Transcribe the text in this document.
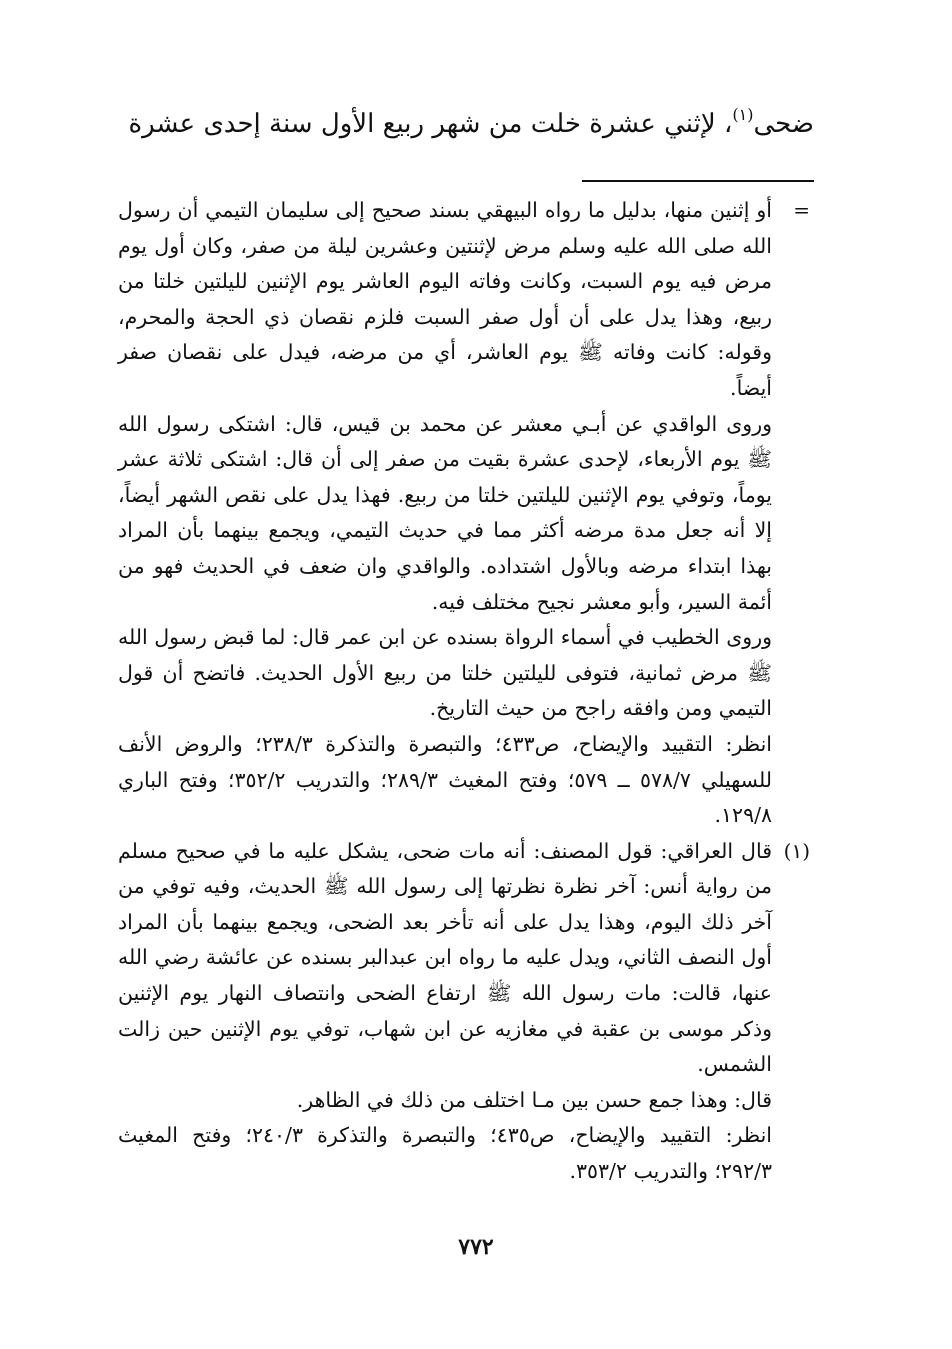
ضحى$^{(١)}$، لإثني عشرة خلت من شهر ربيع الأول سنة إحدى عشرة
=

أو إثنين منها، بدليل ما رواه البيهقي بسند صحيح إلى سليمان التيمي أن رسول الله صلى الله عليه وسلم مرض لإثنتين وعشرين ليلة من صفر، وكان أول يوم مرض فيه يوم السبت، وكانت وفاته اليوم العاشر يوم الإثنين لليلتين خلتا من ربيع، وهذا يدل على أن أول صفر السبت فلزم نقصان ذي الحجة والمحرم، وقوله: كانت وفاته ﷺ يوم العاشر، أي من مرضه، فيدل على نقصان صفر أيضاً.

وروى الواقدي عن أبـي معشر عن محمد بن قيس، قال: اشتكى رسول الله ﷺ يوم الأربعاء، لإحدى عشرة بقيت من صفر إلى أن قال: اشتكى ثلاثة عشر يوماً، وتوفي يوم الإثنين لليلتين خلتا من ربيع. فهذا يدل على نقص الشهر أيضاً، إلا أنه جعل مدة مرضه أكثر مما في حديث التيمي، ويجمع بينهما بأن المراد بهذا ابتداء مرضه وبالأول اشتداده. والواقدي وان ضعف في الحديث فهو من أئمة السير، وأبو معشر نجيح مختلف فيه.

وروى الخطيب في أسماء الرواة بسنده عن ابن عمر قال: لما قبض رسول الله ﷺ مرض ثمانية، فتوفى لليلتين خلتا من ربيع الأول الحديث. فاتضح أن قول التيمي ومن وافقه راجح من حيث التاريخ.

انظر: التقييد والإيضاح، ص٤٣٣؛ والتبصرة والتذكرة ٢٣٨/٣؛ والروض الأنف للسهيلي ٥٧٨/٧ ــ ٥٧٩؛ وفتح المغيث ٢٨٩/٣؛ والتدريب ٣٥٢/٢؛ وفتح الباري ١٢٩/٨.

(١)

قال العراقي: قول المصنف: أنه مات ضحى، يشكل عليه ما في صحيح مسلم من رواية أنس: آخر نظرة نظرتها إلى رسول الله ﷺ الحديث، وفيه توفي من آخر ذلك اليوم، وهذا يدل على أنه تأخر بعد الضحى، ويجمع بينهما بأن المراد أول النصف الثاني، ويدل عليه ما رواه ابن عبدالبر بسنده عن عائشة رضي الله عنها، قالت: مات رسول الله ﷺ ارتفاع الضحى وانتصاف النهار يوم الإثنين وذكر موسى بن عقبة في مغازيه عن ابن شهاب، توفي يوم الإثنين حين زالت الشمس.

قال: وهذا جمع حسن بين مـا اختلف من ذلك في الظاهر.

انظر: التقييد والإيضاح، ص٤٣٥؛ والتبصرة والتذكرة ٢٤٠/٣؛ وفتح المغيث ٢٩٢/٣؛ والتدريب ٣٥٣/٢.

٧٧٢
